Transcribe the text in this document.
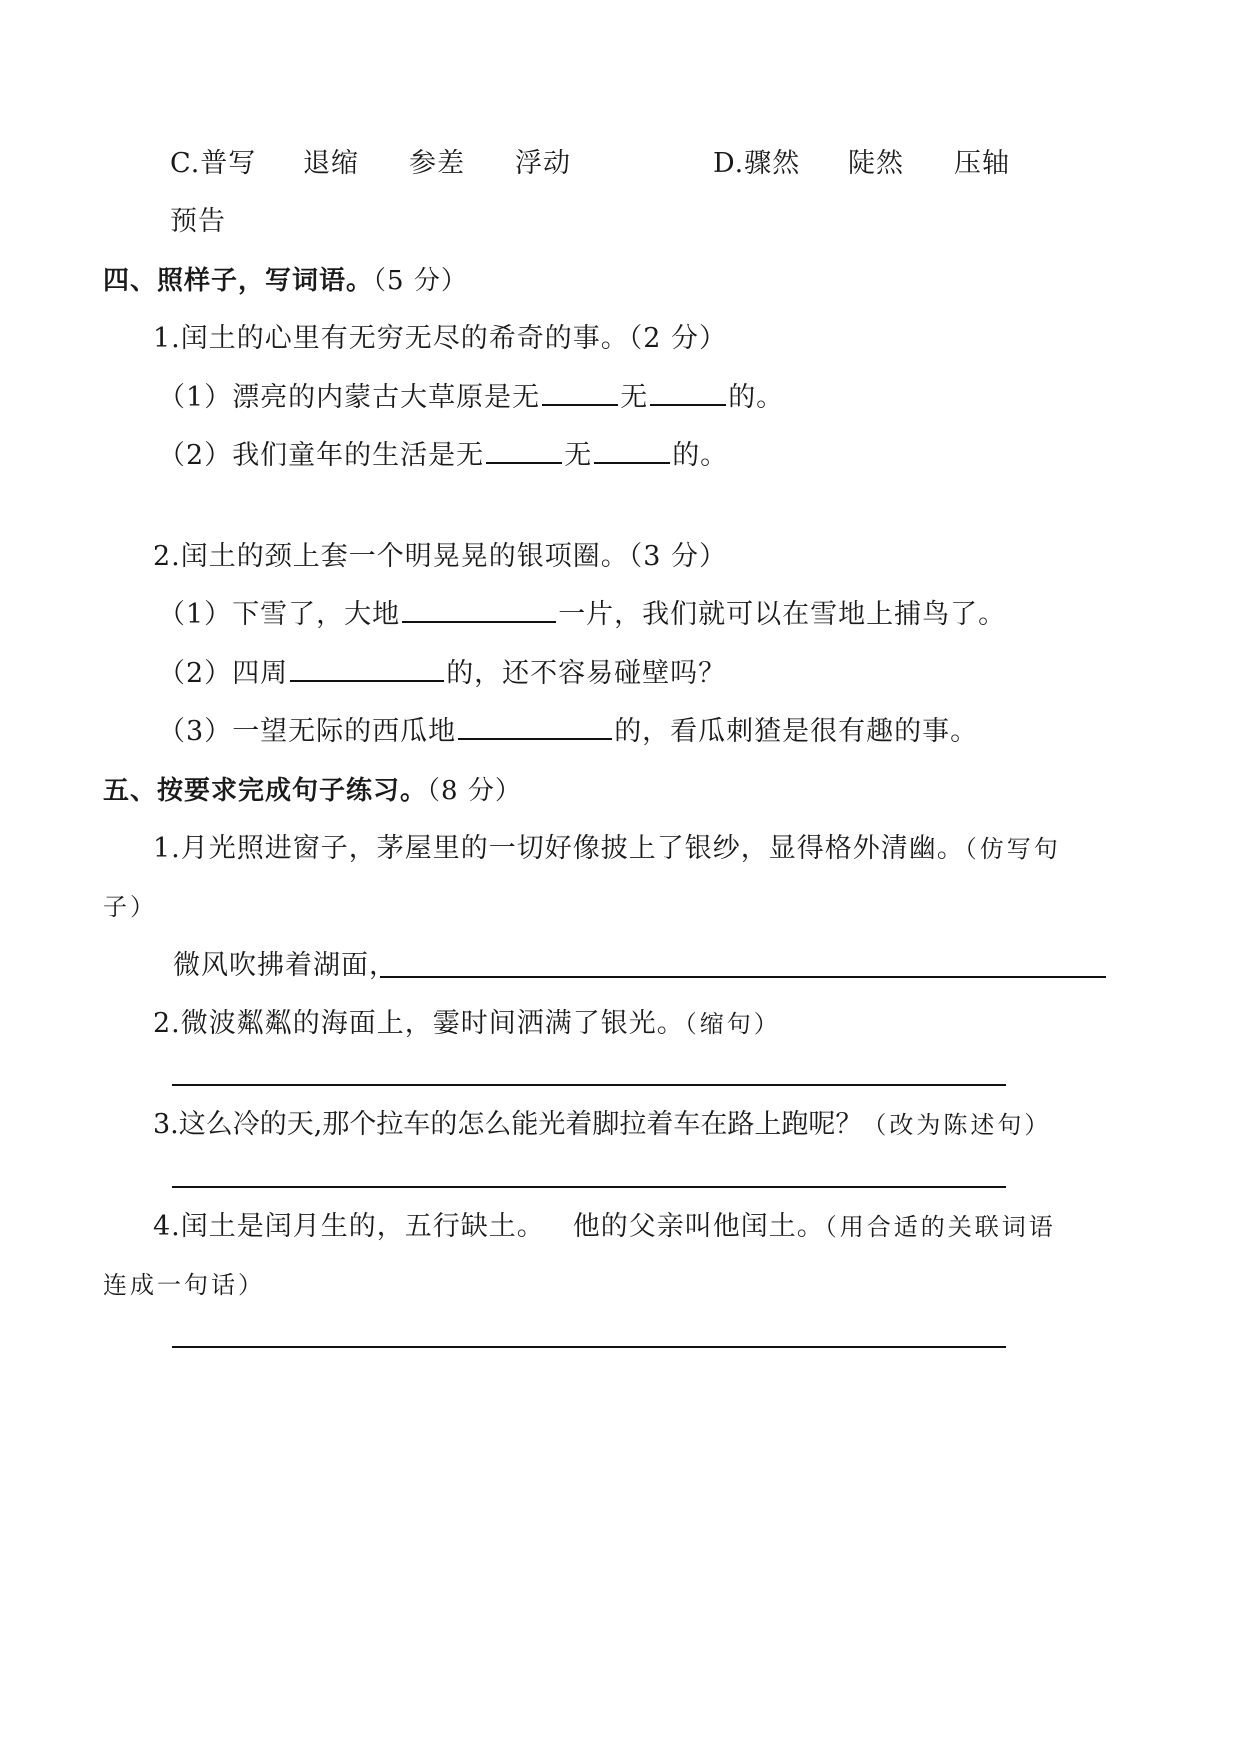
C.普写 退缩 参差 浮动	D.骤然 陡然 压轴
预告
四、照样子，写词语。（5 分）
1.闰土的心里有无穷无尽的希奇的事。（2 分）
（1）漂亮的内蒙古大草原是无	无	的。
（2）我们童年的生活是无	无	的。
2.闰土的颈上套一个明晃晃的银项圈。（3 分）
（1）下雪了，大地	一片，我们就可以在雪地上捕鸟了。
（2）四周	的，还不容易碰壁吗？
（3）一望无际的西瓜地	的，看瓜刺猹是很有趣的事。
五、按要求完成句子练习。（8 分）
1.月光照进窗子，茅屋里的一切好像披上了银纱，显得格外清幽。（仿写句
子）
微风吹拂着湖面，
2.微波粼粼的海面上，霎时间洒满了银光。（缩句）
3.这么冷的天,那个拉车的怎么能光着脚拉着车在路上跑呢？（改为陈述句）
4.闰土是闰月生的，五行缺土。 他的父亲叫他闰土。（用合适的关联词语
连成一句话）
